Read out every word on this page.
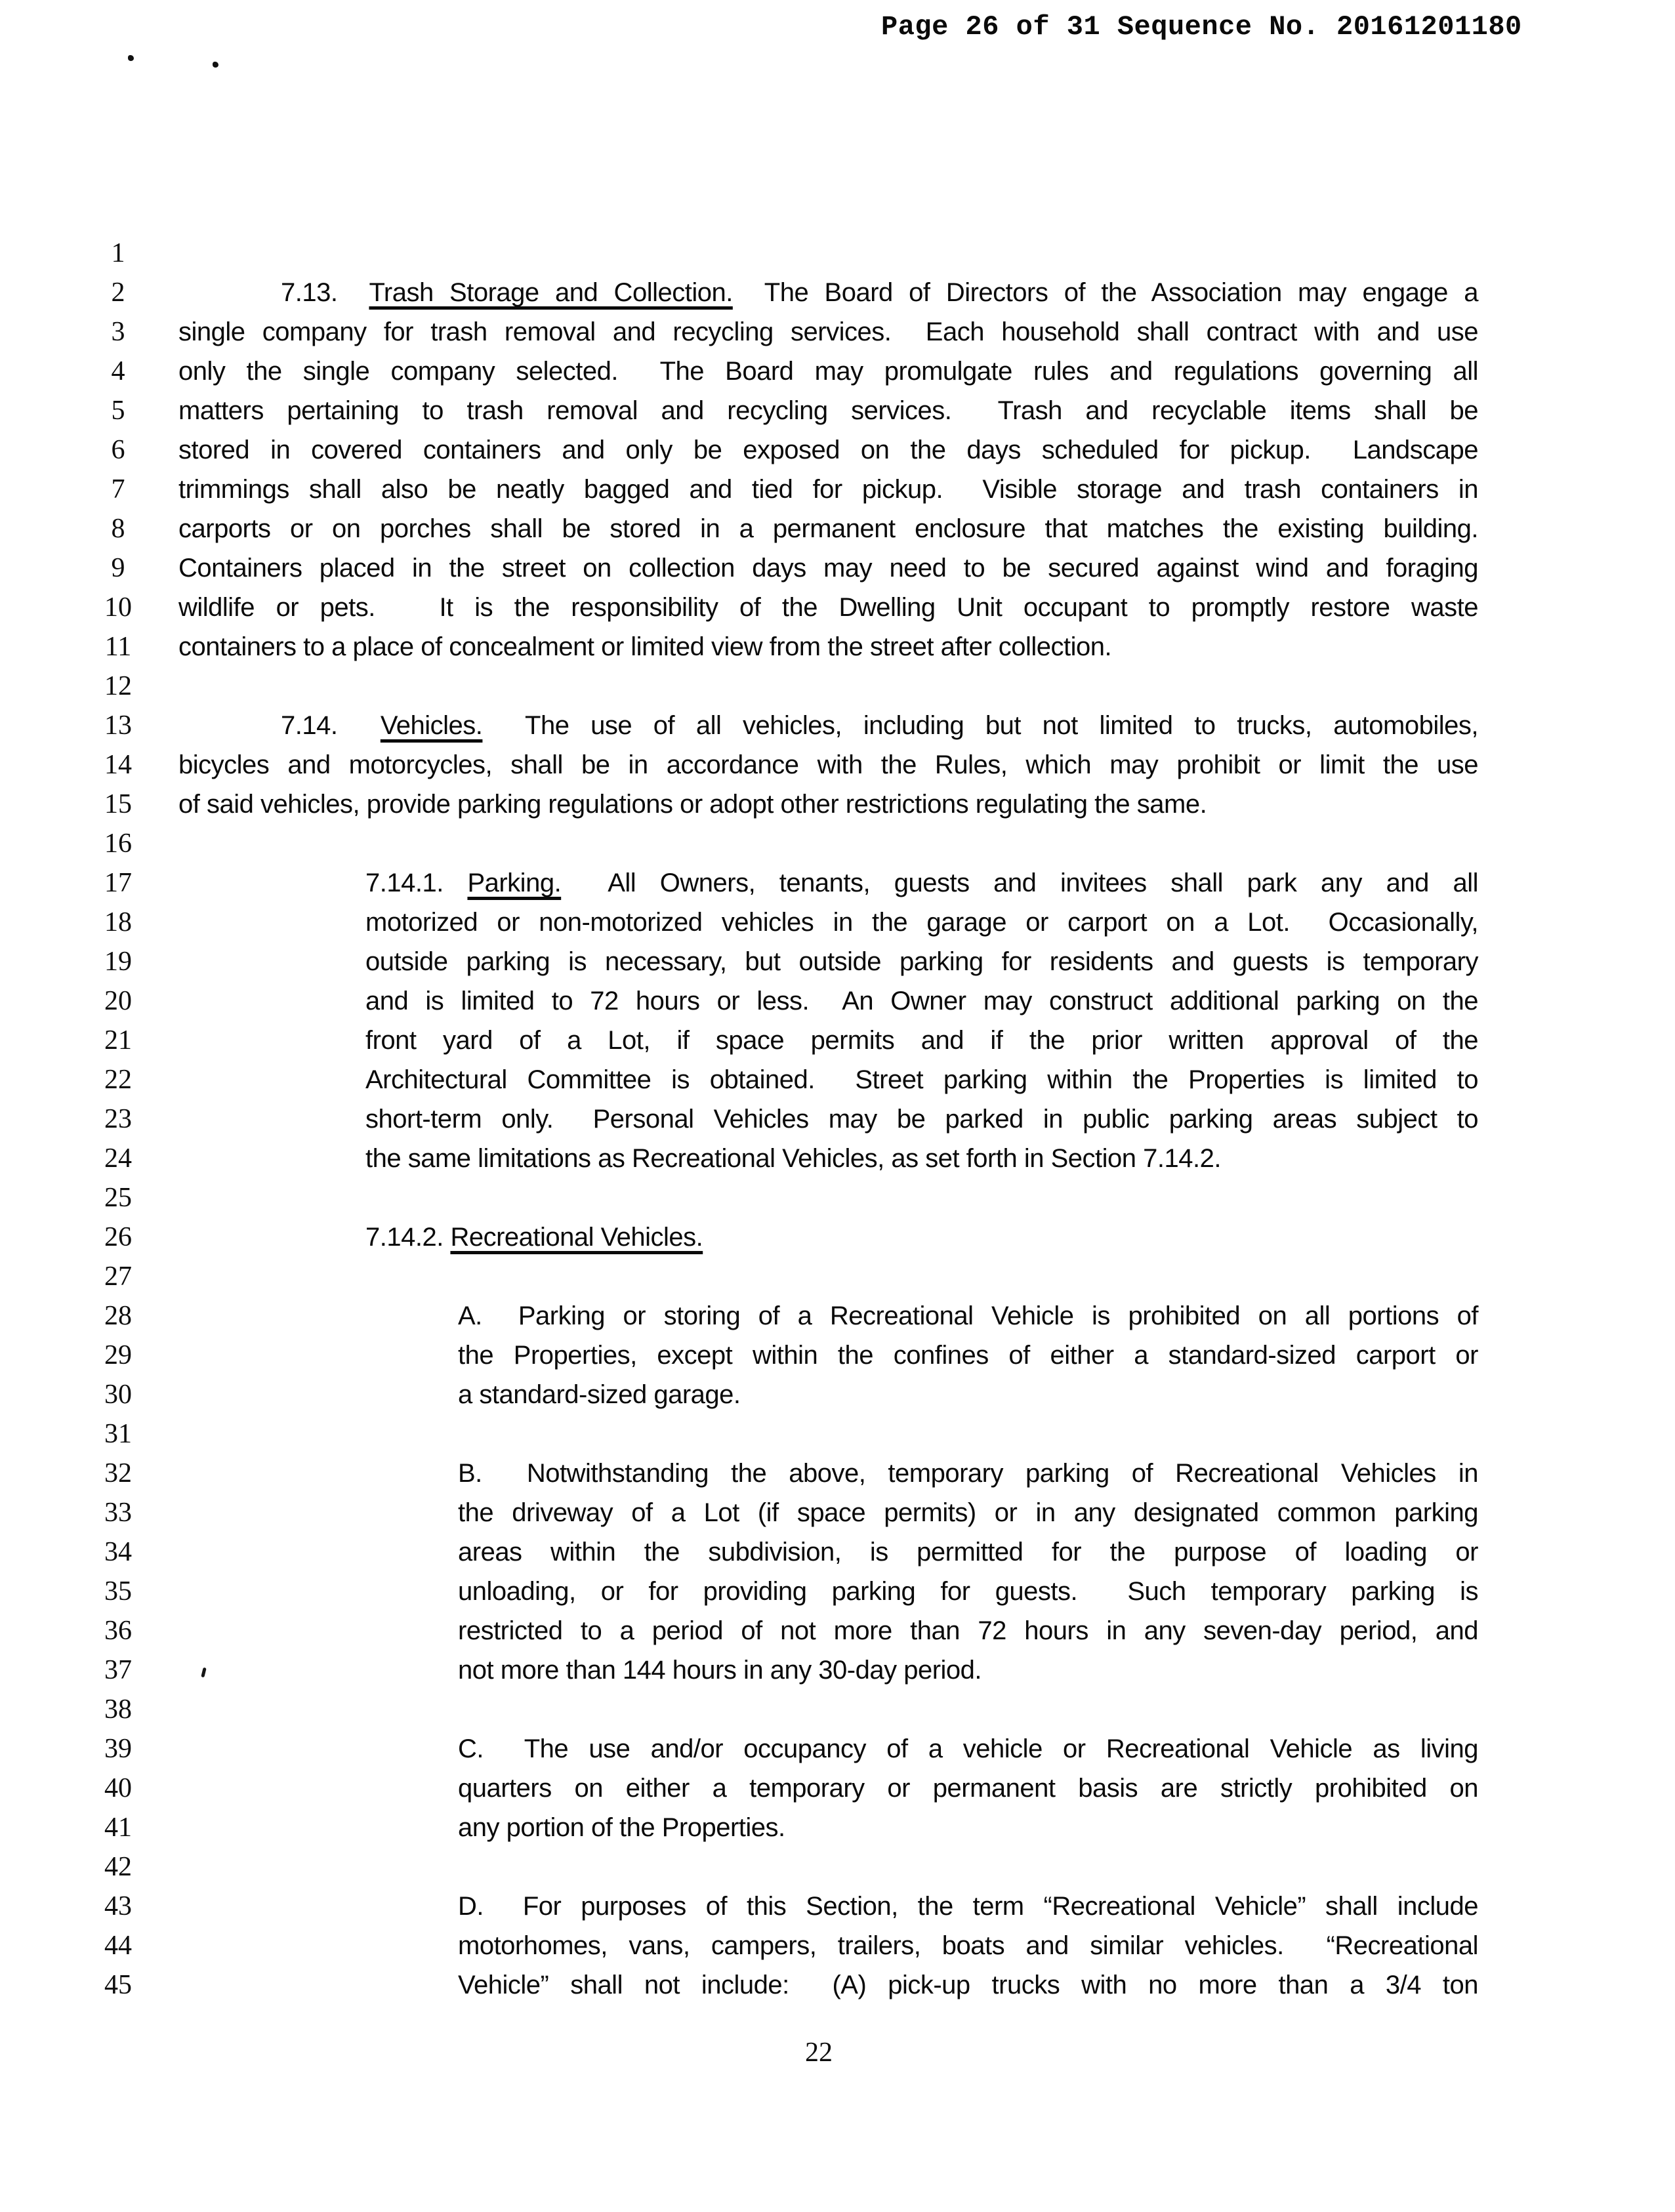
Page 26 of 31 Sequence No. 20161201180
1
2	7.13.  Trash Storage and Collection.  The Board of Directors of the Association may engage a
3	single company for trash removal and recycling services.  Each household shall contract with and use
4	only the single company selected.  The Board may promulgate rules and regulations governing all
5	matters pertaining to trash removal and recycling services.  Trash and recyclable items shall be
6	stored in covered containers and only be exposed on the days scheduled for pickup.  Landscape
7	trimmings shall also be neatly bagged and tied for pickup.  Visible storage and trash containers in
8	carports or on porches shall be stored in a permanent enclosure that matches the existing building.
9	Containers placed in the street on collection days may need to be secured against wind and foraging
10	wildlife or pets.   It is the responsibility of the Dwelling Unit occupant to promptly restore waste
11	containers to a place of concealment or limited view from the street after collection.
12
13	7.14.  Vehicles.  The use of all vehicles, including but not limited to trucks, automobiles,
14	bicycles and motorcycles, shall be in accordance with the Rules, which may prohibit or limit the use
15	of said vehicles, provide parking regulations or adopt other restrictions regulating the same.
16
17	7.14.1. Parking.  All Owners, tenants, guests and invitees shall park any and all
18	motorized or non-motorized vehicles in the garage or carport on a Lot.  Occasionally,
19	outside parking is necessary, but outside parking for residents and guests is temporary
20	and is limited to 72 hours or less.  An Owner may construct additional parking on the
21	front yard of a Lot, if space permits and if the prior written approval of the
22	Architectural Committee is obtained.  Street parking within the Properties is limited to
23	short-term only.  Personal Vehicles may be parked in public parking areas subject to
24	the same limitations as Recreational Vehicles, as set forth in Section 7.14.2.
25
26	7.14.2. Recreational Vehicles.
27
28	A.  Parking or storing of a Recreational Vehicle is prohibited on all portions of
29	the Properties, except within the confines of either a standard-sized carport or
30	a standard-sized garage.
31
32	B.  Notwithstanding the above, temporary parking of Recreational Vehicles in
33	the driveway of a Lot (if space permits) or in any designated common parking
34	areas within the subdivision, is permitted for the purpose of loading or
35	unloading, or for providing parking for guests.  Such temporary parking is
36	restricted to a period of not more than 72 hours in any seven-day period, and
37	not more than 144 hours in any 30-day period.
38
39	C.  The use and/or occupancy of a vehicle or Recreational Vehicle as living
40	quarters on either a temporary or permanent basis are strictly prohibited on
41	any portion of the Properties.
42
43	D.  For purposes of this Section, the term “Recreational Vehicle” shall include
44	motorhomes, vans, campers, trailers, boats and similar vehicles.  “Recreational
45	Vehicle” shall not include:  (A) pick-up trucks with no more than a 3/4 ton
22
